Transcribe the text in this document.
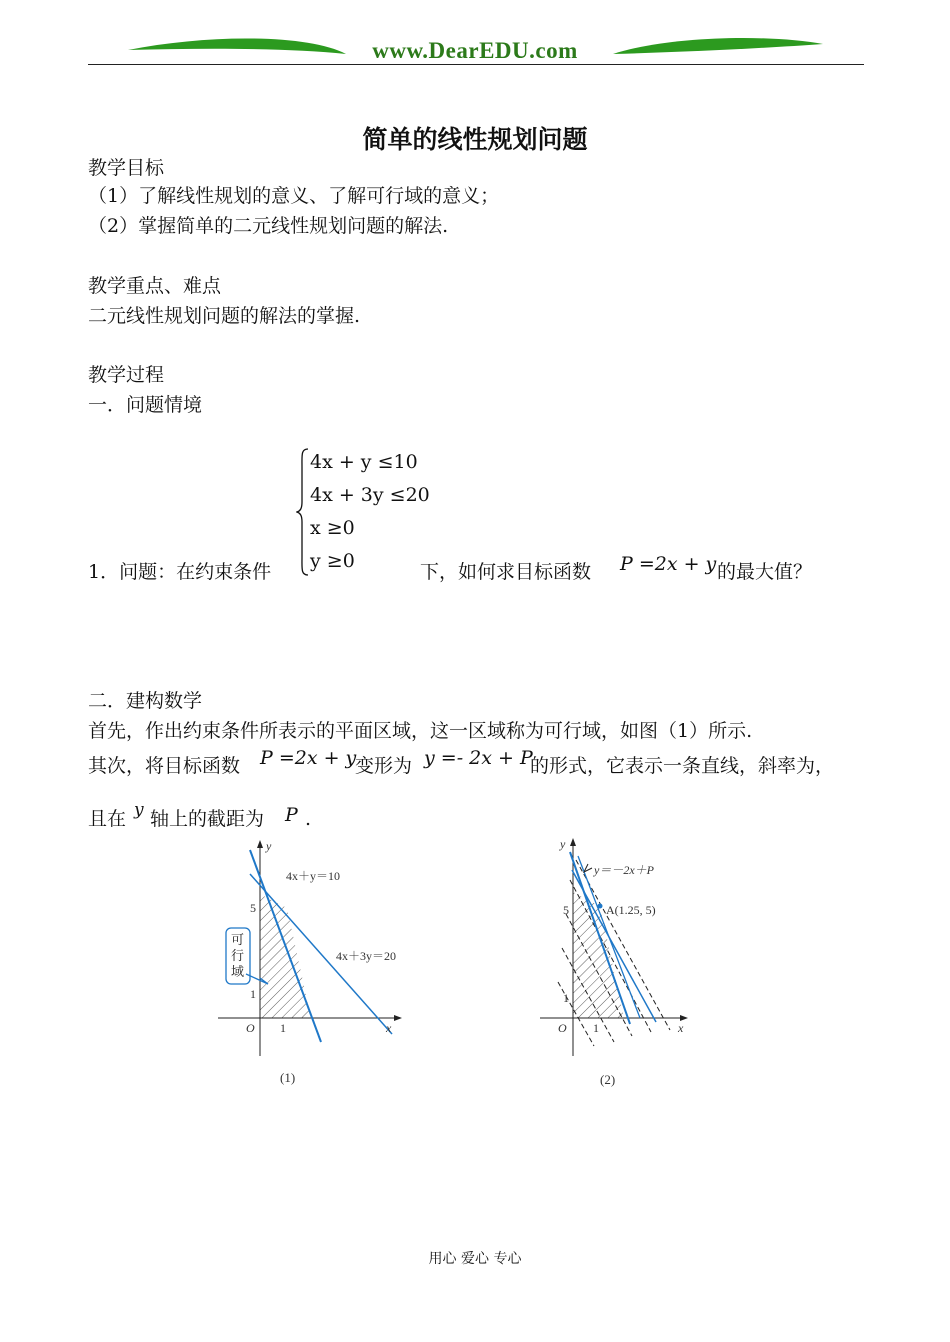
www.DearEDU.com
简单的线性规划问题
教学目标
（1）了解线性规划的意义、了解可行域的意义；
（2）掌握简单的二元线性规划问题的解法.
教学重点、难点
二元线性规划问题的解法的掌握.
教学过程
一．问题情境
4x + y ≤10
4x + 3y ≤20
x ≥0
y ≥0
1．问题：在约束条件	下，如何求目标函数 P =2x + y 的最大值？
二．建构数学
首先，作出约束条件所表示的平面区域，这一区域称为可行域，如图（1）所示.
其次，将目标函数 P =2x + y
变形为 y =- 2x + P
的形式，它表示一条直线，斜率为，
且在 y 轴上的截距为 P .
y
x
O 1
5
1
4x＋y＝10
4x＋3y＝20
可
行
域
(1)
y
x
O 1
5
1
y＝－2x＋P
A(1.25, 5)
(2)
用心 爱心 专心
